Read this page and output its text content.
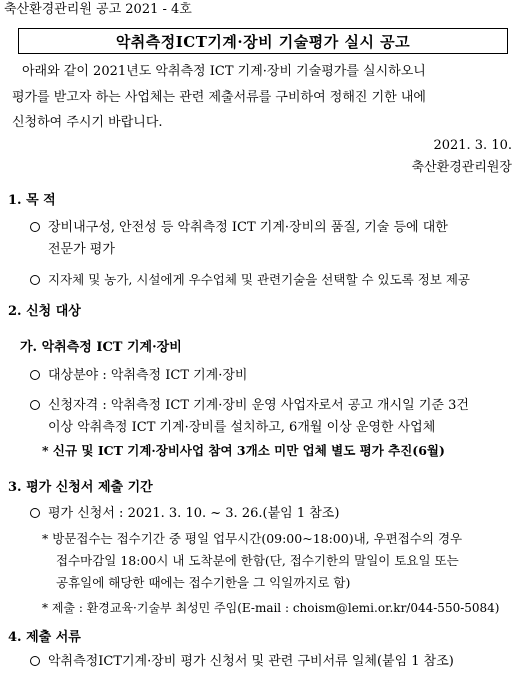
축산환경관리원 공고 2021 - 4호
악취측정ICT기계·장비 기술평가 실시 공고
아래와 같이 2021년도 악취측정 ICT 기계·장비 기술평가를 실시하오니
평가를 받고자 하는 사업체는 관련 제출서류를 구비하여 정해진 기한 내에
신청하여 주시기 바랍니다.
2021. 3. 10.
축산환경관리원장
1. 목 적
장비내구성, 안전성 등 악취측정 ICT 기계·장비의 품질, 기술 등에 대한
전문가 평가
지자체 및 농가, 시설에게 우수업체 및 관련기술을 선택할 수 있도록 정보 제공
2. 신청 대상
가. 악취측정 ICT 기계·장비
대상분야 : 악취측정 ICT 기계·장비
신청자격 : 악취측정 ICT 기계·장비 운영 사업자로서 공고 개시일 기준 3건
이상 악취측정 ICT 기계·장비를 설치하고, 6개월 이상 운영한 사업체
* 신규 및 ICT 기계·장비사업 참여 3개소 미만 업체 별도 평가 추진(6월)
3. 평가 신청서 제출 기간
평가 신청서 : 2021. 3. 10. ~ 3. 26.(붙임 1 참조)
* 방문접수는 접수기간 중 평일 업무시간(09:00~18:00)내, 우편접수의 경우
접수마감일 18:00시 내 도착분에 한함(단, 접수기한의 말일이 토요일 또는
공휴일에 해당한 때에는 접수기한을 그 익일까지로 함)
* 제출 : 환경교육·기술부 최성민 주임(E-mail : choism@lemi.or.kr/044-550-5084)
4. 제출 서류
악취측정ICT기계·장비 평가 신청서 및 관련 구비서류 일체(붙임 1 참조)
